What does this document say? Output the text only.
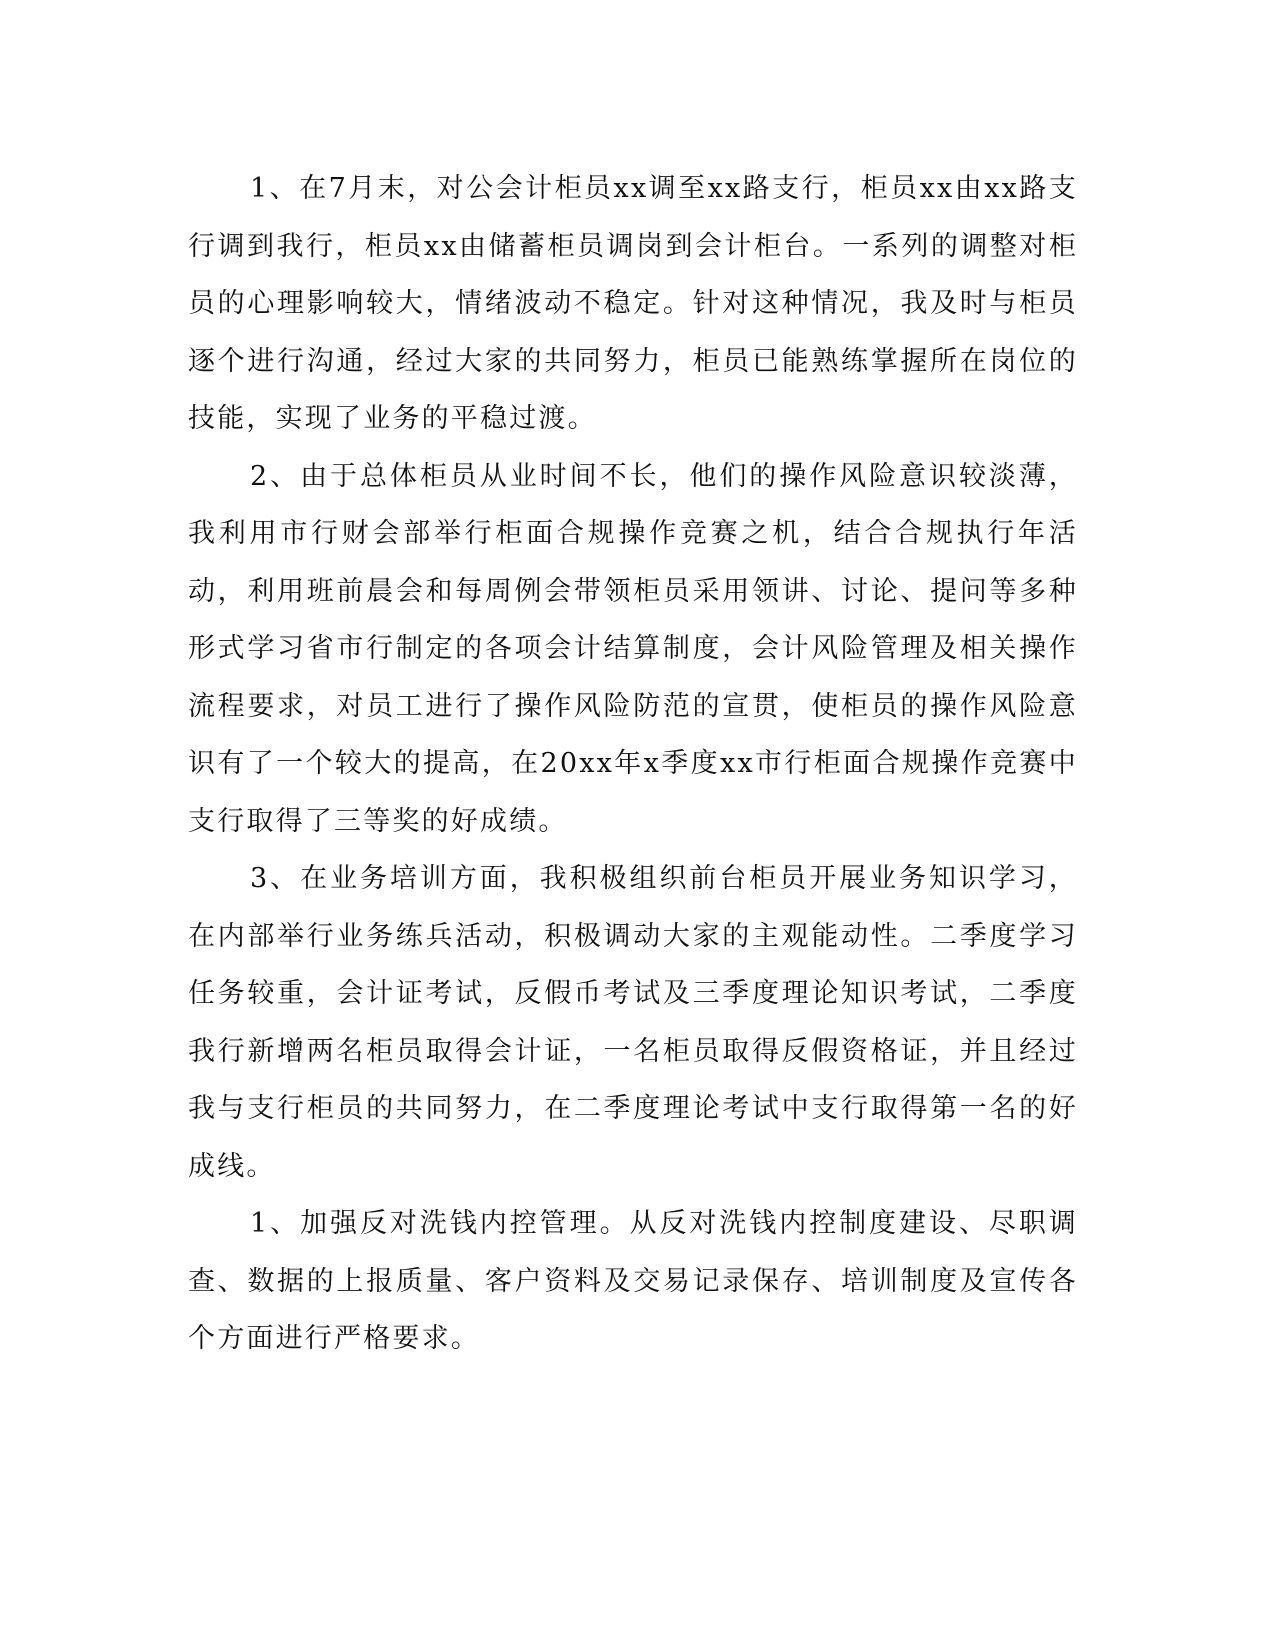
1、在7月末，对公会计柜员xx调至xx路支行，柜员xx由xx路支行调到我行，柜员xx由储蓄柜员调岗到会计柜台。一系列的调整对柜员的心理影响较大，情绪波动不稳定。针对这种情况，我及时与柜员逐个进行沟通，经过大家的共同努力，柜员已能熟练掌握所在岗位的技能，实现了业务的平稳过渡。

2、由于总体柜员从业时间不长，他们的操作风险意识较淡薄，我利用市行财会部举行柜面合规操作竞赛之机，结合合规执行年活动，利用班前晨会和每周例会带领柜员采用领讲、讨论、提问等多种形式学习省市行制定的各项会计结算制度，会计风险管理及相关操作流程要求，对员工进行了操作风险防范的宣贯，使柜员的操作风险意识有了一个较大的提高，在20xx年x季度xx市行柜面合规操作竞赛中支行取得了三等奖的好成绩。

3、在业务培训方面，我积极组织前台柜员开展业务知识学习，在内部举行业务练兵活动，积极调动大家的主观能动性。二季度学习任务较重，会计证考试，反假币考试及三季度理论知识考试，二季度我行新增两名柜员取得会计证，一名柜员取得反假资格证，并且经过我与支行柜员的共同努力，在二季度理论考试中支行取得第一名的好成线。

1、加强反对洗钱内控管理。从反对洗钱内控制度建设、尽职调查、数据的上报质量、客户资料及交易记录保存、培训制度及宣传各个方面进行严格要求。
